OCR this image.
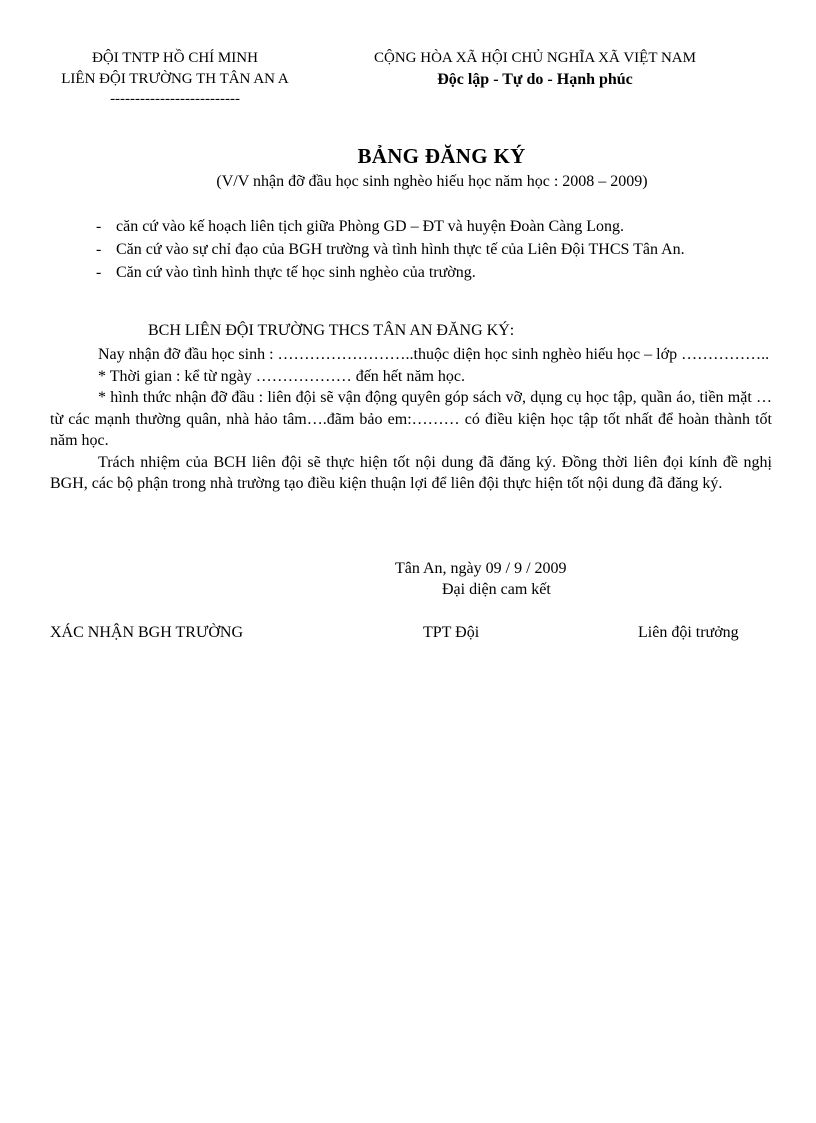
ĐỘI TNTP HỒ CHÍ MINH
LIÊN ĐỘI TRƯỜNG TH TÂN AN A
--------------------------
CỘNG HÒA XÃ HỘI CHỦ NGHĨA XÃ VIỆT NAM
Độc lập - Tự do - Hạnh phúc
BẢNG ĐĂNG KÝ
(V/V nhận đỡ đầu học sinh nghèo hiếu học năm học : 2008 – 2009)
- căn cứ vào kế hoạch liên tịch giữa Phòng GD – ĐT và huyện Đoàn Càng Long.
- Căn cứ vào sự chỉ đạo của BGH trường và tình hình thực tế của Liên Đội THCS Tân An.
- Căn cứ vào tình hình thực tế học sinh nghèo của trường.
BCH LIÊN ĐỘI TRƯỜNG THCS TÂN AN ĐĂNG KÝ:

Nay nhận đỡ đầu học sinh : ……………………..thuộc diện học sinh nghèo hiếu học – lớp ……………..

* Thời gian : kể từ ngày ……………… đến hết năm học.

* hình thức nhận đỡ đầu : liên đội sẽ vận động quyên góp sách vỡ, dụng cụ học tập, quần áo, tiền mặt …từ các mạnh thường quân, nhà hảo tâm….đãm bảo em:……… có điều kiện học tập tốt nhất để hoàn thành tốt năm học.

Trách nhiệm của BCH liên đội sẽ thực hiện tốt nội dung đã đăng ký. Đồng thời liên đọi kính đề nghị BGH, các bộ phận trong nhà trường tạo điều kiện thuận lợi để liên đội thực hiện tốt nội dung đã đăng ký.

Tân An, ngày 09 / 9 / 2009
Đại diện cam kết
XÁC NHẬN BGH TRƯỜNG	TPT Đội	Liên đội trưởng
